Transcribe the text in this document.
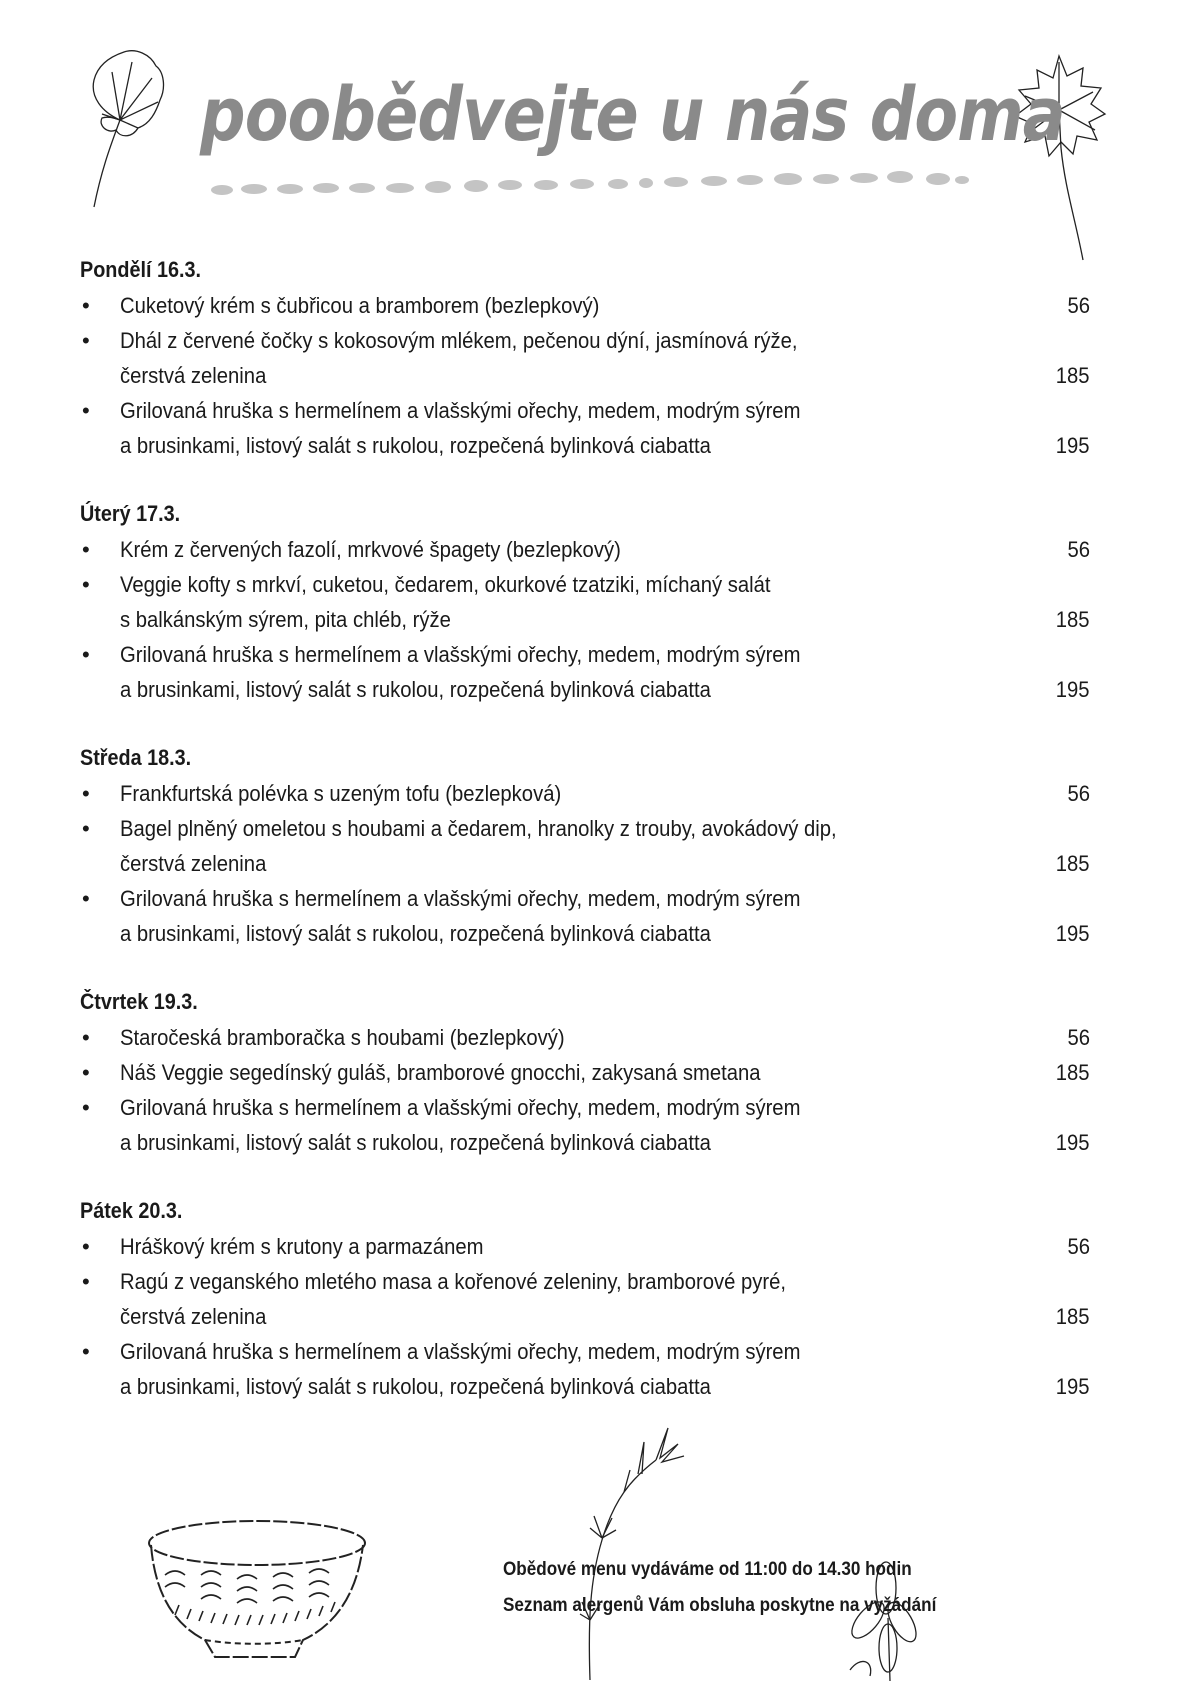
poobědvejte u nás doma
Pondělí 16.3.
• Cuketový krém s čubřicou a bramborem (bezlepkový)	56
• Dhál z červené čočky s kokosovým mlékem, pečenou dýní, jasmínová rýže,
čerstvá zelenina	185
• Grilovaná hruška s hermelínem a vlašskými ořechy, medem, modrým sýrem
a brusinkami, listový salát s rukolou, rozpečená bylinková ciabatta	195
Úterý 17.3.
• Krém z červených fazolí, mrkvové špagety (bezlepkový)	56
• Veggie kofty s mrkví, cuketou, čedarem, okurkové tzatziki, míchaný salát
s balkánským sýrem, pita chléb, rýže	185
• Grilovaná hruška s hermelínem a vlašskými ořechy, medem, modrým sýrem
a brusinkami, listový salát s rukolou, rozpečená bylinková ciabatta	195
Středa 18.3.
• Frankfurtská polévka s uzeným tofu (bezlepková)	56
• Bagel plněný omeletou s houbami a čedarem, hranolky z trouby, avokádový dip,
čerstvá zelenina	185
• Grilovaná hruška s hermelínem a vlašskými ořechy, medem, modrým sýrem
a brusinkami, listový salát s rukolou, rozpečená bylinková ciabatta	195
Čtvrtek 19.3.
• Staročeská bramboračka s houbami (bezlepkový)	56
• Náš Veggie segedínský guláš, bramborové gnocchi, zakysaná smetana	185
• Grilovaná hruška s hermelínem a vlašskými ořechy, medem, modrým sýrem
a brusinkami, listový salát s rukolou, rozpečená bylinková ciabatta	195
Pátek 20.3.
• Hráškový krém s krutony a parmazánem	56
• Ragú z veganského mletého masa a kořenové zeleniny, bramborové pyré,
čerstvá zelenina	185
• Grilovaná hruška s hermelínem a vlašskými ořechy, medem, modrým sýrem
a brusinkami, listový salát s rukolou, rozpečená bylinková ciabatta	195
Obědové menu vydáváme od 11:00 do 14.30 hodin
Seznam alergenů Vám obsluha poskytne na vyžádání
